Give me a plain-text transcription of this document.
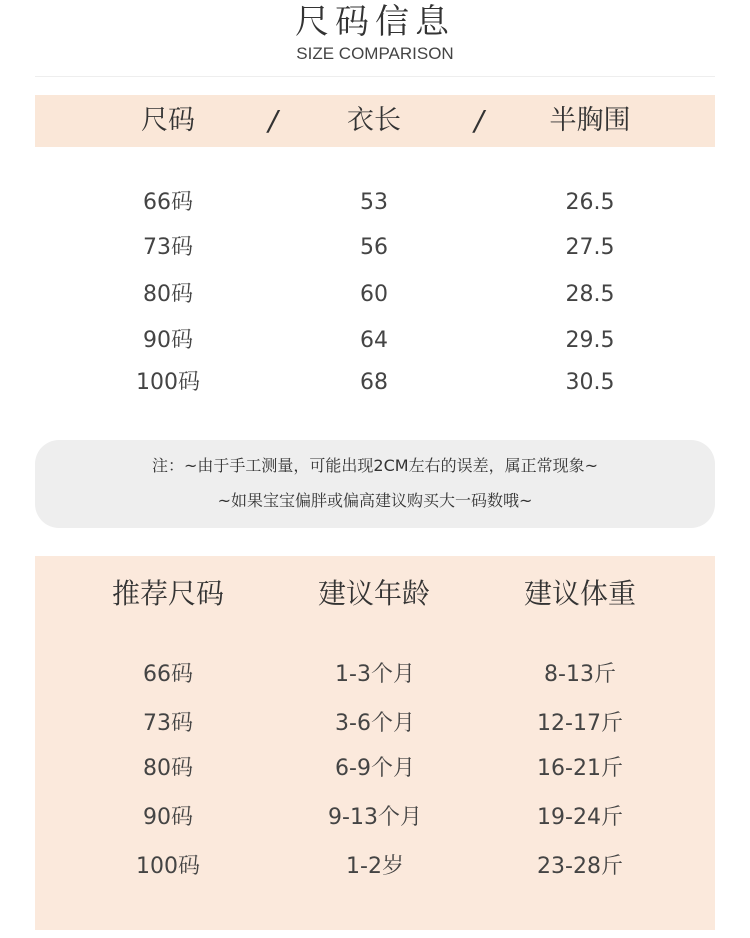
尺码信息
SIZE COMPARISON
尺码	/	衣长	/	半胸围
66码	53	26.5
73码	56	27.5
80码	60	28.5
90码	64	29.5
100码	68	30.5
注：~由于手工测量，可能出现2CM左右的误差，属正常现象~
~如果宝宝偏胖或偏高建议购买大一码数哦~
推荐尺码	建议年龄	建议体重
66码	1-3个月	8-13斤
73码	3-6个月	12-17斤
80码	6-9个月	16-21斤
90码	9-13个月	19-24斤
100码	1-2岁	23-28斤
